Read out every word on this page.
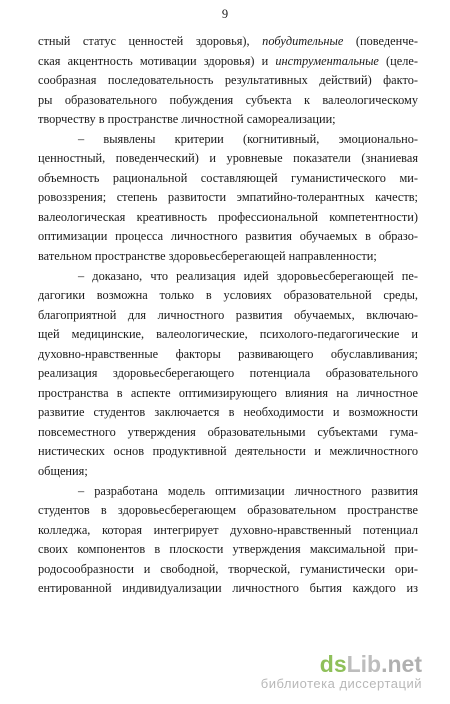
9
стный статус ценностей здоровья), побудительные (поведенче-
ская акцентность мотивации здоровья) и инструментальные (целе-
сообразная последовательность результативных действий) факто-
ры образовательного побуждения субъекта к валеологическому
творчеству в пространстве личностной самореализации;
– выявлены критерии (когнитивный, эмоционально-
ценностный, поведенческий) и уровневые показатели (знаниевая
объемность рациональной составляющей гуманистического ми-
ровоззрения; степень развитости эмпатийно-толерантных качеств;
валеологическая креативность профессиональной компетентности)
оптимизации процесса личностного развития обучаемых в образо-
вательном пространстве здоровьесберегающей направленности;
– доказано, что реализация идей здоровьесберегающей пе-
дагогики возможна только в условиях образовательной среды,
благоприятной для личностного развития обучаемых, включаю-
щей медицинские, валеологические, психолого-педагогические и
духовно-нравственные факторы развивающего обуславливания;
реализация здоровьесберегающего потенциала образовательного
пространства в аспекте оптимизирующего влияния на личностное
развитие студентов заключается в необходимости и возможности
повсеместного утверждения образовательными субъектами гума-
нистических основ продуктивной деятельности и межличностного
общения;
– разработана модель оптимизации личностного развития
студентов в здоровьесберегающем образовательном пространстве
колледжа, которая интегрирует духовно-нравственный потенциал
своих компонентов в плоскости утверждения максимальной при-
родосообразности и свободной, творческой, гуманистически ори-
ентированной индивидуализации личностного бытия каждого из
dsLib.net
библиотека диссертаций
